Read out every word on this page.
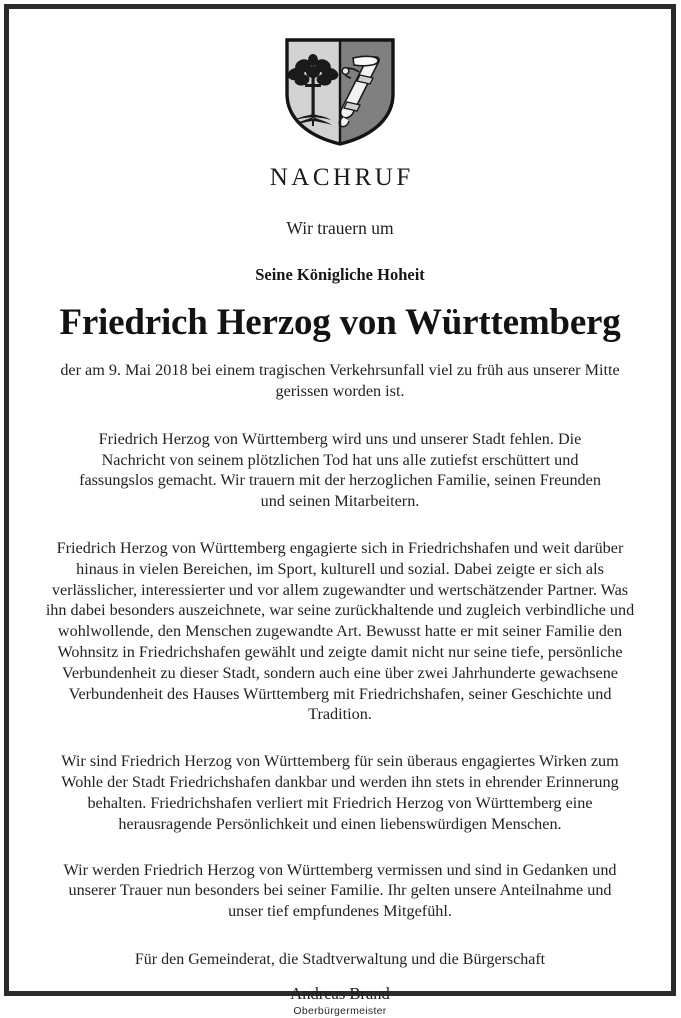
NACHRUF
Wir trauern um
Seine Königliche Hoheit
Friedrich Herzog von Württemberg
der am 9. Mai 2018 bei einem tragischen Verkehrsunfall viel zu früh aus unserer Mitte gerissen worden ist.
Friedrich Herzog von Württemberg wird uns und unserer Stadt fehlen. Die Nachricht von seinem plötzlichen Tod hat uns alle zutiefst erschüttert und fassungslos gemacht. Wir trauern mit der herzoglichen Familie, seinen Freunden und seinen Mitarbeitern.
Friedrich Herzog von Württemberg engagierte sich in Friedrichshafen und weit darüber hinaus in vielen Bereichen, im Sport, kulturell und sozial. Dabei zeigte er sich als verlässlicher, interessierter und vor allem zugewandter und wertschätzender Partner. Was ihn dabei besonders auszeichnete, war seine zurückhaltende und zugleich verbindliche und wohlwollende, den Menschen zugewandte Art. Bewusst hatte er mit seiner Familie den Wohnsitz in Friedrichshafen gewählt und zeigte damit nicht nur seine tiefe, persönliche Verbundenheit zu dieser Stadt, sondern auch eine über zwei Jahrhunderte gewachsene Verbundenheit des Hauses Württemberg mit Friedrichshafen, seiner Geschichte und Tradition.
Wir sind Friedrich Herzog von Württemberg für sein überaus engagiertes Wirken zum Wohle der Stadt Friedrichshafen dankbar und werden ihn stets in ehrender Erinnerung behalten. Friedrichshafen verliert mit Friedrich Herzog von Württemberg eine herausragende Persönlichkeit und einen liebenswürdigen Menschen.
Wir werden Friedrich Herzog von Württemberg vermissen und sind in Gedanken und unserer Trauer nun besonders bei seiner Familie. Ihr gelten unsere Anteilnahme und unser tief empfundenes Mitgefühl.
Für den Gemeinderat, die Stadtverwaltung und die Bürgerschaft
Andreas Brand
Oberbürgermeister
